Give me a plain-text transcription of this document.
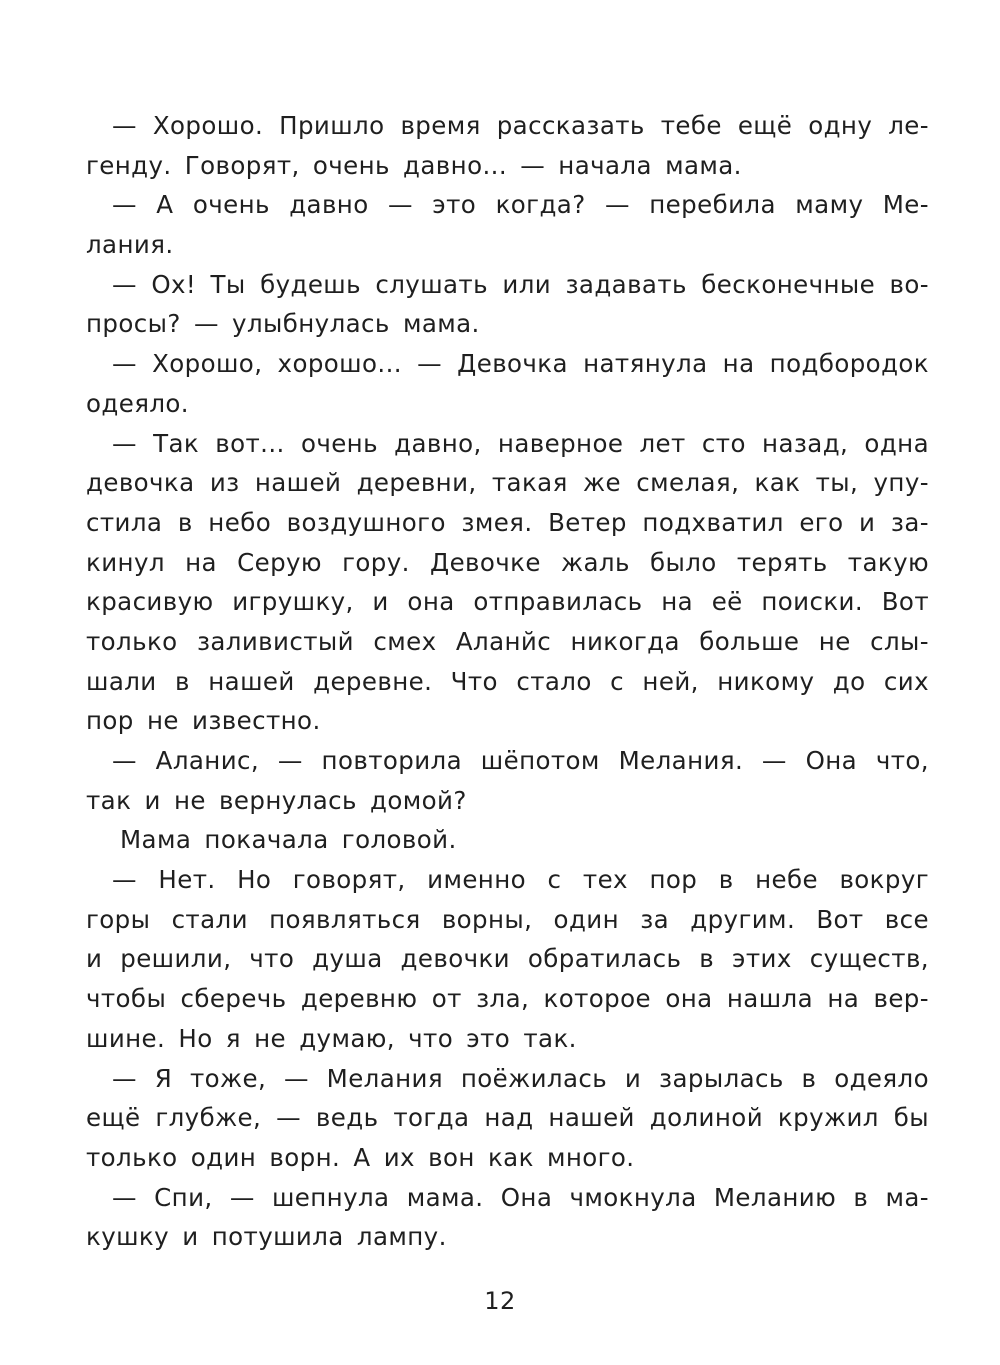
— Хорошо. Пришло время рассказать тебе ещё одну ле-
генду. Говорят, очень давно... — начала мама.
— А очень давно — это когда? — перебила маму Ме-
лания.
— Ох! Ты будешь слушать или задавать бесконечные во-
просы? — улыбнулась мама.
— Хорошо, хорошо... — Девочка натянула на подбородок
одеяло.
— Так вот... очень давно, наверное лет сто назад, одна
девочка из нашей деревни, такая же смелая, как ты, упу-
стила в небо воздушного змея. Ветер подхватил его и за-
кинул на Серую гору. Девочке жаль было терять такую
красивую игрушку, и она отправилась на её поиски. Вот
только заливистый смех Аланйс никогда больше не слы-
шали в нашей деревне. Что стало с ней, никому до сих
пор не известно.
— Аланис, — повторила шёпотом Мелания. — Она что,
так и не вернулась домой?
Мама покачала головой.
— Нет. Но говорят, именно с тех пор в небе вокруг
горы стали появляться ворны, один за другим. Вот все
и решили, что душа девочки обратилась в этих существ,
чтобы сберечь деревню от зла, которое она нашла на вер-
шине. Но я не думаю, что это так.
— Я тоже, — Мелания поёжилась и зарылась в одеяло
ещё глубже, — ведь тогда над нашей долиной кружил бы
только один ворн. А их вон как много.
— Спи, — шепнула мама. Она чмокнула Меланию в ма-
кушку и потушила лампу.
12
